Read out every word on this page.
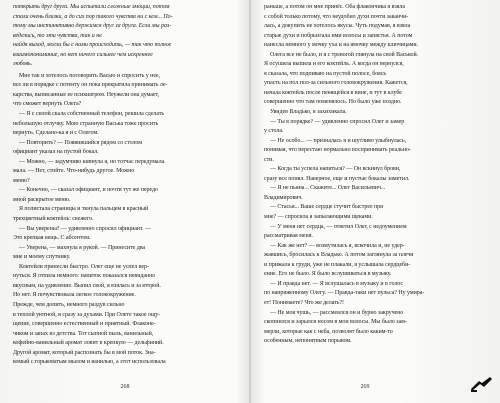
поткрыть друг друга. Мы испытали сложные эмоции, потом
стали очень близки, а до сих пор такого чувства ни с кем... По-
тому мы инстинктивно держимся друг за друга. Если мы раз-
веделись, то эти чувства, так и не
найдя выход, могли бы с нами происходить, — так что полное
взаимопонимание, но нет ничего сильнее чем искреннее
любовь.
Мне так и хотелось поговорить Васью и спросить у нее,
все ли в порядке с потенту он пока прекратила принимать ле-
карства, выписанные ее психиатром. Неужели она думает,
что сможет вернуть Олега?
— Я с силой скала собственный телефон, решила сделать
небольшую отлучку. Мою странную Васька тоже просить
вернуть. Сделано-ка я и с Олегом.
— Повторить? — Появившийся рядом со столом
официант указал на пустой бокал.
— Можно, — задумчиво кивнула я, но тотчас передумала.
мала. — Нет, стойте. Что-нибудь другое. Можно
меню?
— Конечно, — сказал официант, и почти тут же передо
мной раскрытое меню.
Я полистала страницы и ткнула пальцем в красный
трехцветный коктейль: свежего.
— Вы уверены? — удивленно спросил официант. —
Это крепкая вещь. С абсентом.
— Уверена, — махнула я рукой. — Принесите два
мне и моему спутнику.
Коктейли принесли быстро. Олег еще не успел вер-
нуться. Я отпила немного: напиток показался невиданно
вкусным, на удивление. Выпил свой, я взялась и за второй.
Но нет. Я почувствовала легкое головокружение.
Прежде, чем допить, немного раздув сильно
в теплой уютной, я сразу за духами. При Олете такое ощу-
щение, совершенно естественный и приятный. Флаконе-
чиком и запах из детства. Тот сыпной пыль, ванильный,
кофейно-ванильный аромат ловит в крепкую — дельфиний.
Другой аромат, который распознать бы в мой поток. Зна-
комый с горьковатым мылом и ванилью, а этот использовала
268
раньше, а потом он мне принёс. Оба флакончика я взяла
с собой только потому, что неудобно духи почти заканчи-
лась, а докупить не хотелось вкусы. Чуть подумав, я взяла
старые духи и побрызгала ими волосы и запястья. А потом
нанесла немного у мочку уха и на ямочку между ключицами.
Олега все не было, и я с тревогой глянула на свой Васькой.
Я осушила выпила и его коктейль. А когда он вернулся,
я сказала, что подпиваю на пустой полосе, боясь
упасть на пол пол-за сильного головокружения. Кажется,
начала коктейль после пенящейся в вине, и тут в клубе
совершенно что там поменялось. Но было уже поздно.
Увидев Владько, я захихикала.
— Ты в порядке? — удивленно спросил Олег и замер
у стола.
— Не особо... — призналась я и шутливо улыбнулась,
понимая, что перестаю нормально воспринимать реально-
сти.
— Когда ты успела напиться? — Он вскинул брови,
сразу все понял. Наверное, еще и пустые бокалы заметил.
— Я не пьяна... Скажите... Олег Васильевич...
Владимирович.
— Стасья... Ваше сердце стучит быстрее при
мне? — спросила я запылающими щеками.
— У меня нет сердца, — ответил Олег, с недоумением
рассматривая меня.
— Как же нет? — возмутилась я, вскочила и, не удер-
жавшись, бросилась к Владько. А потом заглянула за плечи
и прижала к груди, уже не плакали, я услышала сердцеби-
ение. Его не было. Я было вслушиваться в музыку.
— И правда нет. — Я вслушалась в музыку и в голос
по напряженному Олегу. — Правда-таки нет пульса? Ну умира-
ет! Понимаете? Что же делать?!
— Не моя чушь, — рассмеялся он и бурно закручено
скопнился и зарылся носом в мои волосы. Мы было зам-
мерли, которые как с неба, позволят было каким-то
особенным, непонятным порывом.
269
